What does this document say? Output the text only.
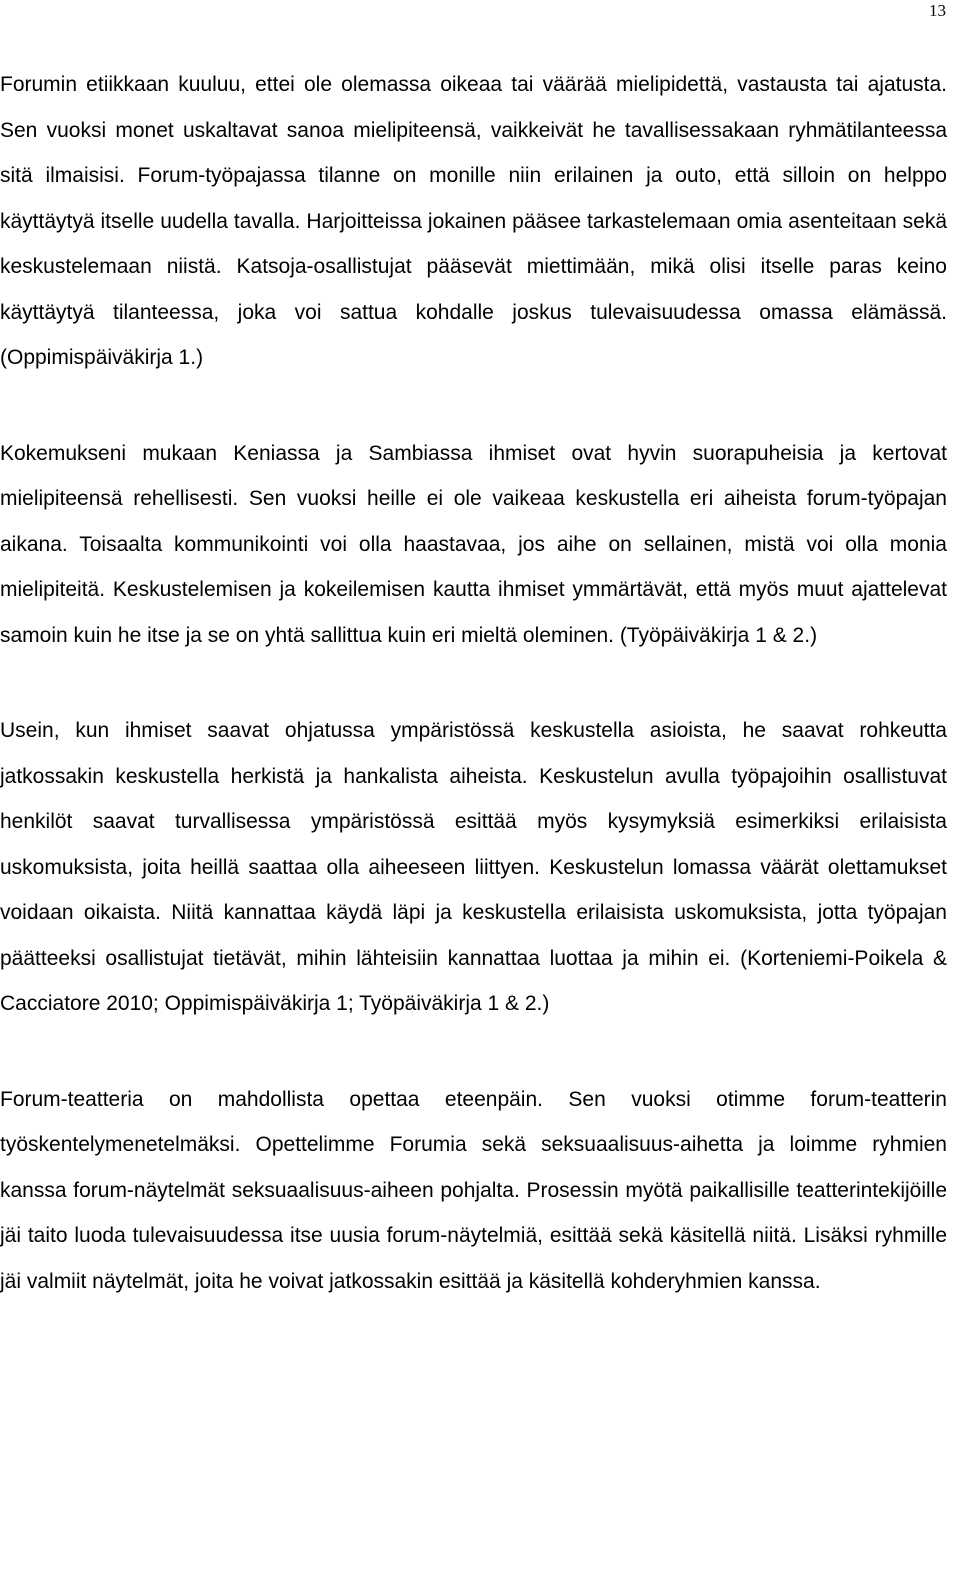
13

Forumin etiikkaan kuuluu, ettei ole olemassa oikeaa tai väärää mielipidettä, vastausta tai ajatusta. Sen vuoksi monet uskaltavat sanoa mielipiteensä, vaikkeivät he tavallisessakaan ryhmätilanteessa sitä ilmaisisi. Forum-työpajassa tilanne on monille niin erilainen ja outo, että silloin on helppo käyttäytyä itselle uudella tavalla. Harjoitteissa jokainen pääsee tarkastelemaan omia asenteitaan sekä keskustelemaan niistä. Katsoja-osallistujat pääsevät miettimään, mikä olisi itselle paras keino käyttäytyä tilanteessa, joka voi sattua kohdalle joskus tulevaisuudessa omassa elämässä. (Oppimispäiväkirja 1.)

Kokemukseni mukaan Keniassa ja Sambiassa ihmiset ovat hyvin suorapuheisia ja kertovat mielipiteensä rehellisesti. Sen vuoksi heille ei ole vaikeaa keskustella eri aiheista forum-työpajan aikana. Toisaalta kommunikointi voi olla haastavaa, jos aihe on sellainen, mistä voi olla monia mielipiteitä. Keskustelemisen ja kokeilemisen kautta ihmiset ymmärtävät, että myös muut ajattelevat samoin kuin he itse ja se on yhtä sallittua kuin eri mieltä oleminen. (Työpäiväkirja 1 & 2.)

Usein, kun ihmiset saavat ohjatussa ympäristössä keskustella asioista, he saavat rohkeutta jatkossakin keskustella herkistä ja hankalista aiheista. Keskustelun avulla työpajoihin osallistuvat henkilöt saavat turvallisessa ympäristössä esittää myös kysymyksiä esimerkiksi erilaisista uskomuksista, joita heillä saattaa olla aiheeseen liittyen. Keskustelun lomassa väärät olettamukset voidaan oikaista. Niitä kannattaa käydä läpi ja keskustella erilaisista uskomuksista, jotta työpajan päätteeksi osallistujat tietävät, mihin lähteisiin kannattaa luottaa ja mihin ei. (Korteniemi-Poikela & Cacciatore 2010; Oppimispäiväkirja 1; Työpäiväkirja 1 & 2.)

Forum-teatteria on mahdollista opettaa eteenpäin. Sen vuoksi otimme forum-teatterin työskentelymenetelmäksi. Opettelimme Forumia sekä seksuaalisuus-aihetta ja loimme ryhmien kanssa forum-näytelmät seksuaalisuus-aiheen pohjalta. Prosessin myötä paikallisille teatterintekijöille jäi taito luoda tulevaisuudessa itse uusia forum-näytelmiä, esittää sekä käsitellä niitä. Lisäksi ryhmille jäi valmiit näytelmät, joita he voivat jatkossakin esittää ja käsitellä kohderyhmien kanssa.
